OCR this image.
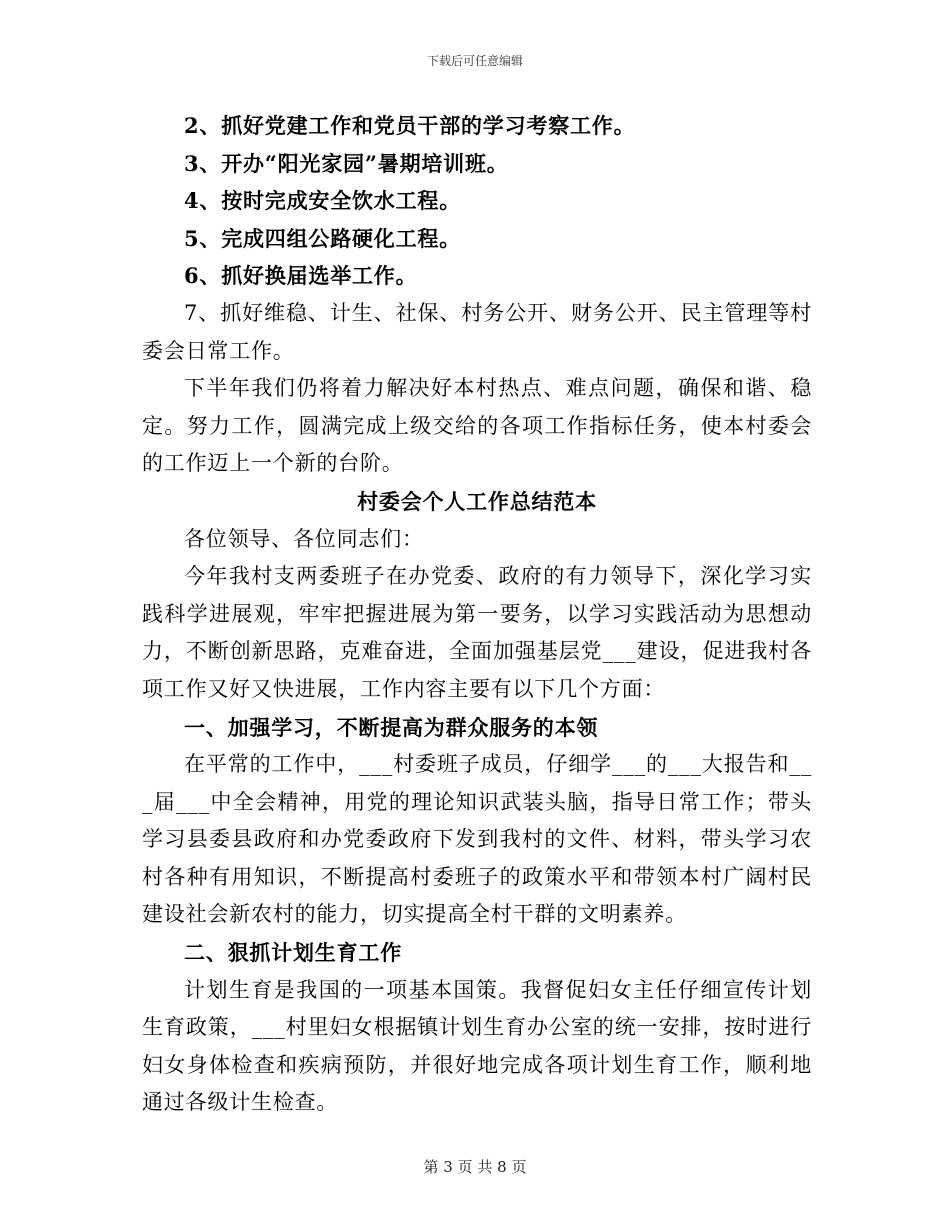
下载后可任意编辑

2、抓好党建工作和党员干部的学习考察工作。

3、开办“阳光家园”暑期培训班。

4、按时完成安全饮水工程。

5、完成四组公路硬化工程。

6、抓好换届选举工作。

7、抓好维稳、计生、社保、村务公开、财务公开、民主管理等村委会日常工作。

下半年我们仍将着力解决好本村热点、难点问题，确保和谐、稳定。努力工作，圆满完成上级交给的各项工作指标任务，使本村委会的工作迈上一个新的台阶。

村委会个人工作总结范本

各位领导、各位同志们：

今年我村支两委班子在办党委、政府的有力领导下，深化学习实践科学进展观，牢牢把握进展为第一要务，以学习实践活动为思想动力，不断创新思路，克难奋进，全面加强基层党___建设，促进我村各项工作又好又快进展，工作内容主要有以下几个方面：

一、加强学习，不断提高为群众服务的本领

在平常的工作中，___村委班子成员，仔细学___的___大报告和___届___中全会精神，用党的理论知识武装头脑，指导日常工作；带头学习县委县政府和办党委政府下发到我村的文件、材料，带头学习农村各种有用知识，不断提高村委班子的政策水平和带领本村广阔村民建设社会新农村的能力，切实提高全村干群的文明素养。

二、狠抓计划生育工作

计划生育是我国的一项基本国策。我督促妇女主任仔细宣传计划生育政策，___村里妇女根据镇计划生育办公室的统一安排，按时进行妇女身体检查和疾病预防，并很好地完成各项计划生育工作，顺利地通过各级计生检查。

第 3 页 共 8 页
